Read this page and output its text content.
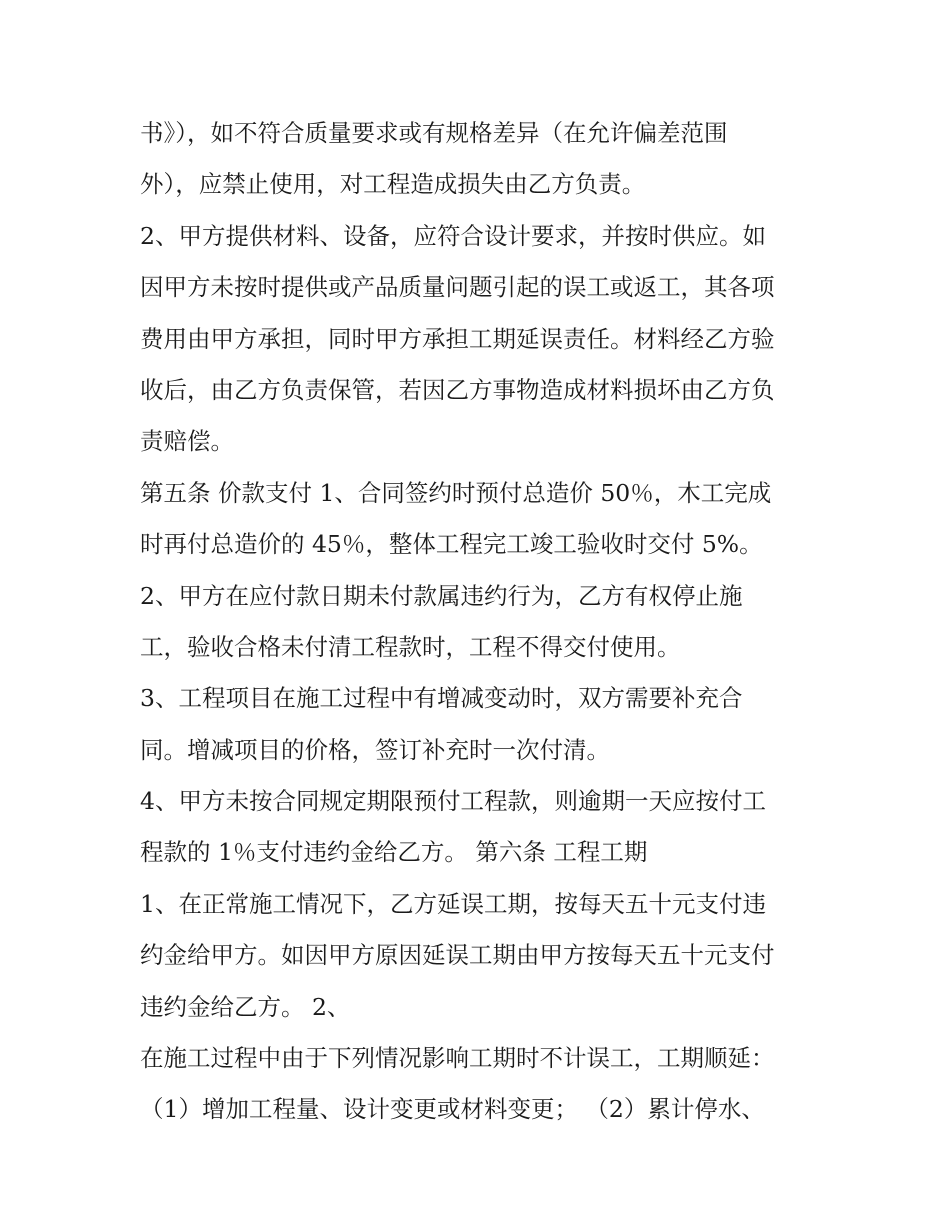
书》），如不符合质量要求或有规格差异（在允许偏差范围
外），应禁止使用，对工程造成损失由乙方负责。
2、甲方提供材料、设备，应符合设计要求，并按时供应。如
因甲方未按时提供或产品质量问题引起的误工或返工，其各项
费用由甲方承担，同时甲方承担工期延误责任。材料经乙方验
收后，由乙方负责保管，若因乙方事物造成材料损坏由乙方负
责赔偿。
第五条 价款支付 1、合同签约时预付总造价 50％，木工完成
时再付总造价的 45％，整体工程完工竣工验收时交付 5%。
2、甲方在应付款日期未付款属违约行为，乙方有权停止施
工，验收合格未付清工程款时，工程不得交付使用。
3、工程项目在施工过程中有增减变动时，双方需要补充合
同。增减项目的价格，签订补充时一次付清。
4、甲方未按合同规定期限预付工程款，则逾期一天应按付工
程款的 1％支付违约金给乙方。 第六条 工程工期
1、在正常施工情况下，乙方延误工期，按每天五十元支付违
约金给甲方。如因甲方原因延误工期由甲方按每天五十元支付
违约金给乙方。 2、
在施工过程中由于下列情况影响工期时不计误工，工期顺延：
（1）增加工程量、设计变更或材料变更； （2）累计停水、
